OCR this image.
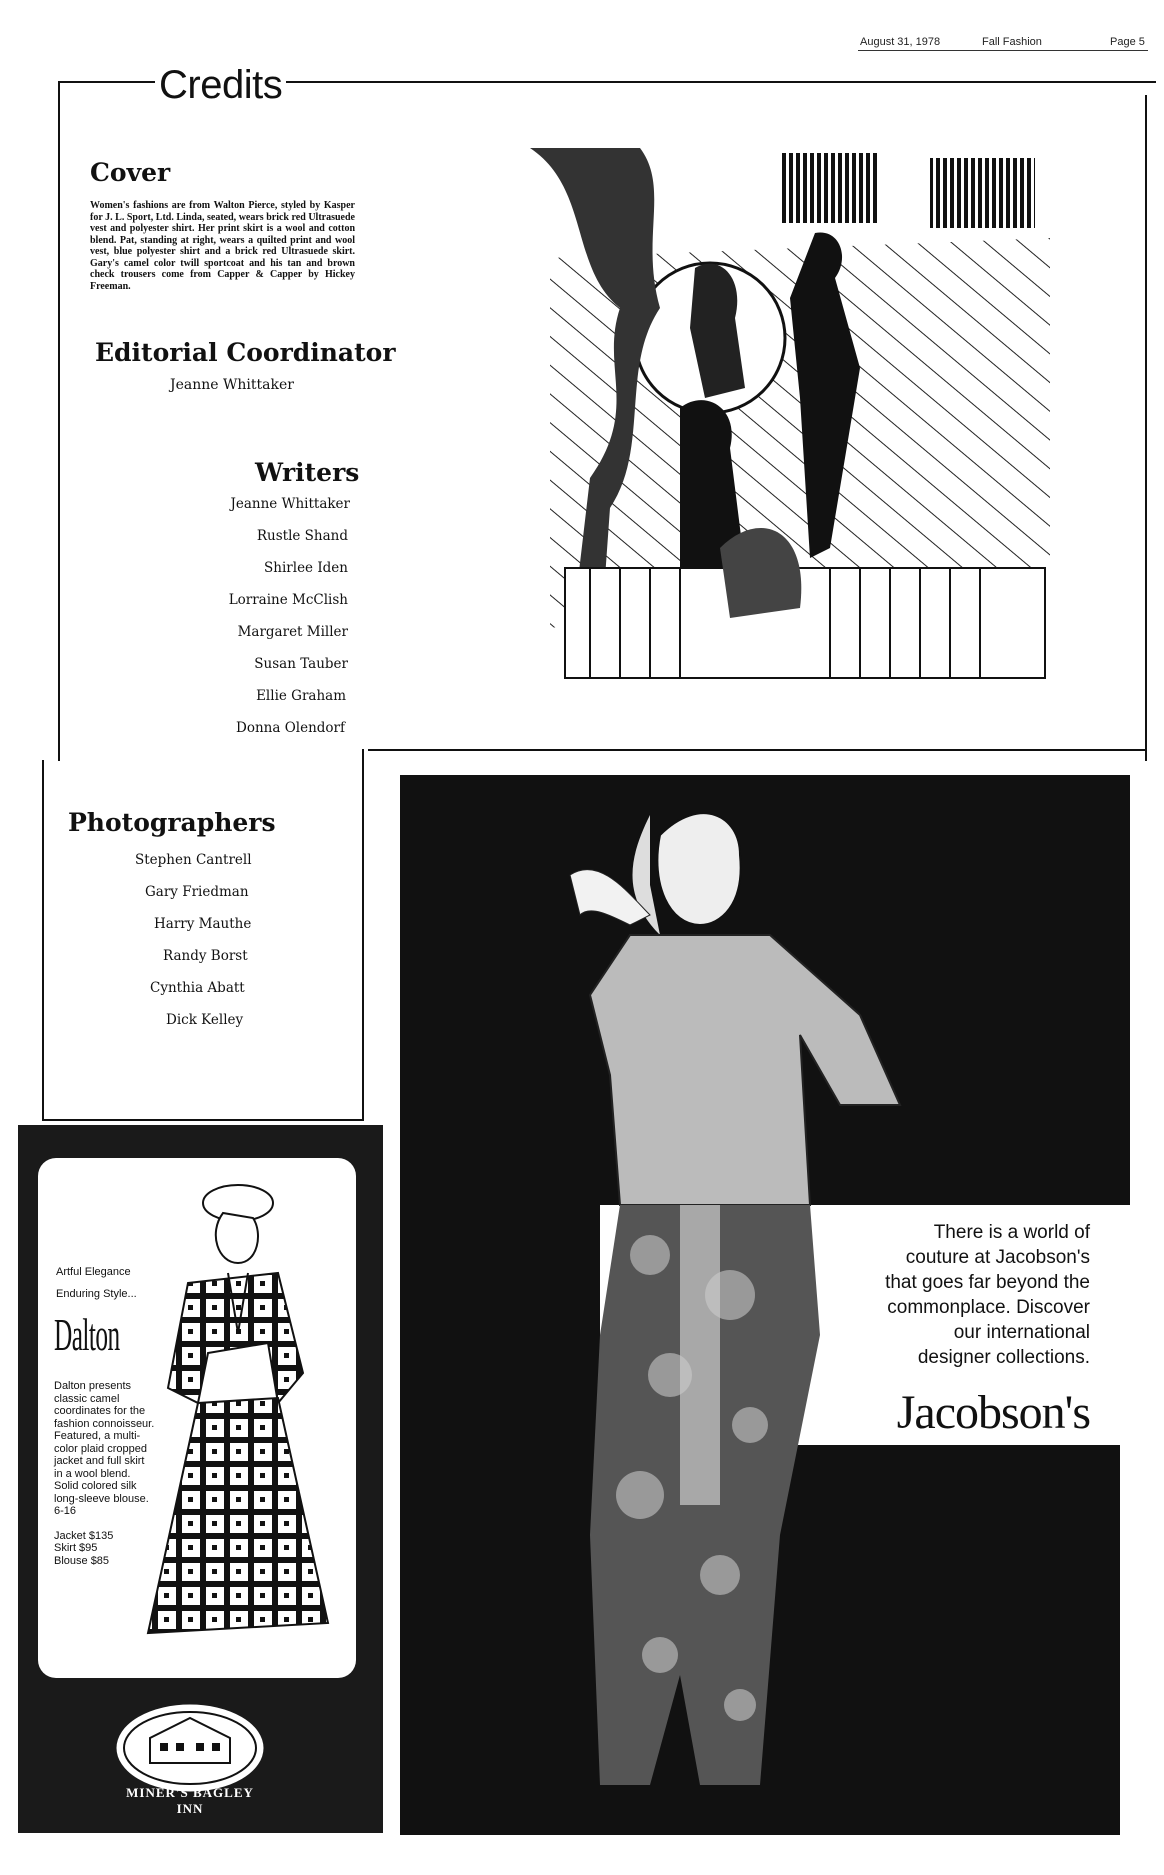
August 31, 1978	Fall Fashion	Page 5
Credits
Cover
Women's fashions are from Walton Pierce, styled by Kasper for J. L. Sport, Ltd. Linda, seated, wears brick red Ultrasuede vest and polyester shirt. Her print skirt is a wool and cotton blend. Pat, standing at right, wears a quilted print and wool vest, blue polyester shirt and a brick red Ultrasuede skirt. Gary's camel color twill sportcoat and his tan and brown check trousers come from Capper & Capper by Hickey Freeman.
Editorial Coordinator
Jeanne Whittaker
Writers
Jeanne Whittaker
Rustle Shand
Shirlee Iden
Lorraine McClish
Margaret Miller
Susan Tauber
Ellie Graham
Donna Olendorf
Photographers
Stephen Cantrell
Gary Friedman
Harry Mauthe
Randy Borst
Cynthia Abatt
Dick Kelley
There is a world of
couture at Jacobson's
that goes far beyond the
commonplace. Discover
our international
designer collections.
Jacobson's
Artful Elegance
Enduring Style...
Dalton
Dalton presents
classic camel
coordinates for the
fashion connoisseur.
Featured, a multi-
color plaid cropped
jacket and full skirt
in a wool blend.
Solid colored silk
long-sleeve blouse.
6-16
Jacket $135
Skirt $95
Blouse $85
MINER'S BAGLEY INN
